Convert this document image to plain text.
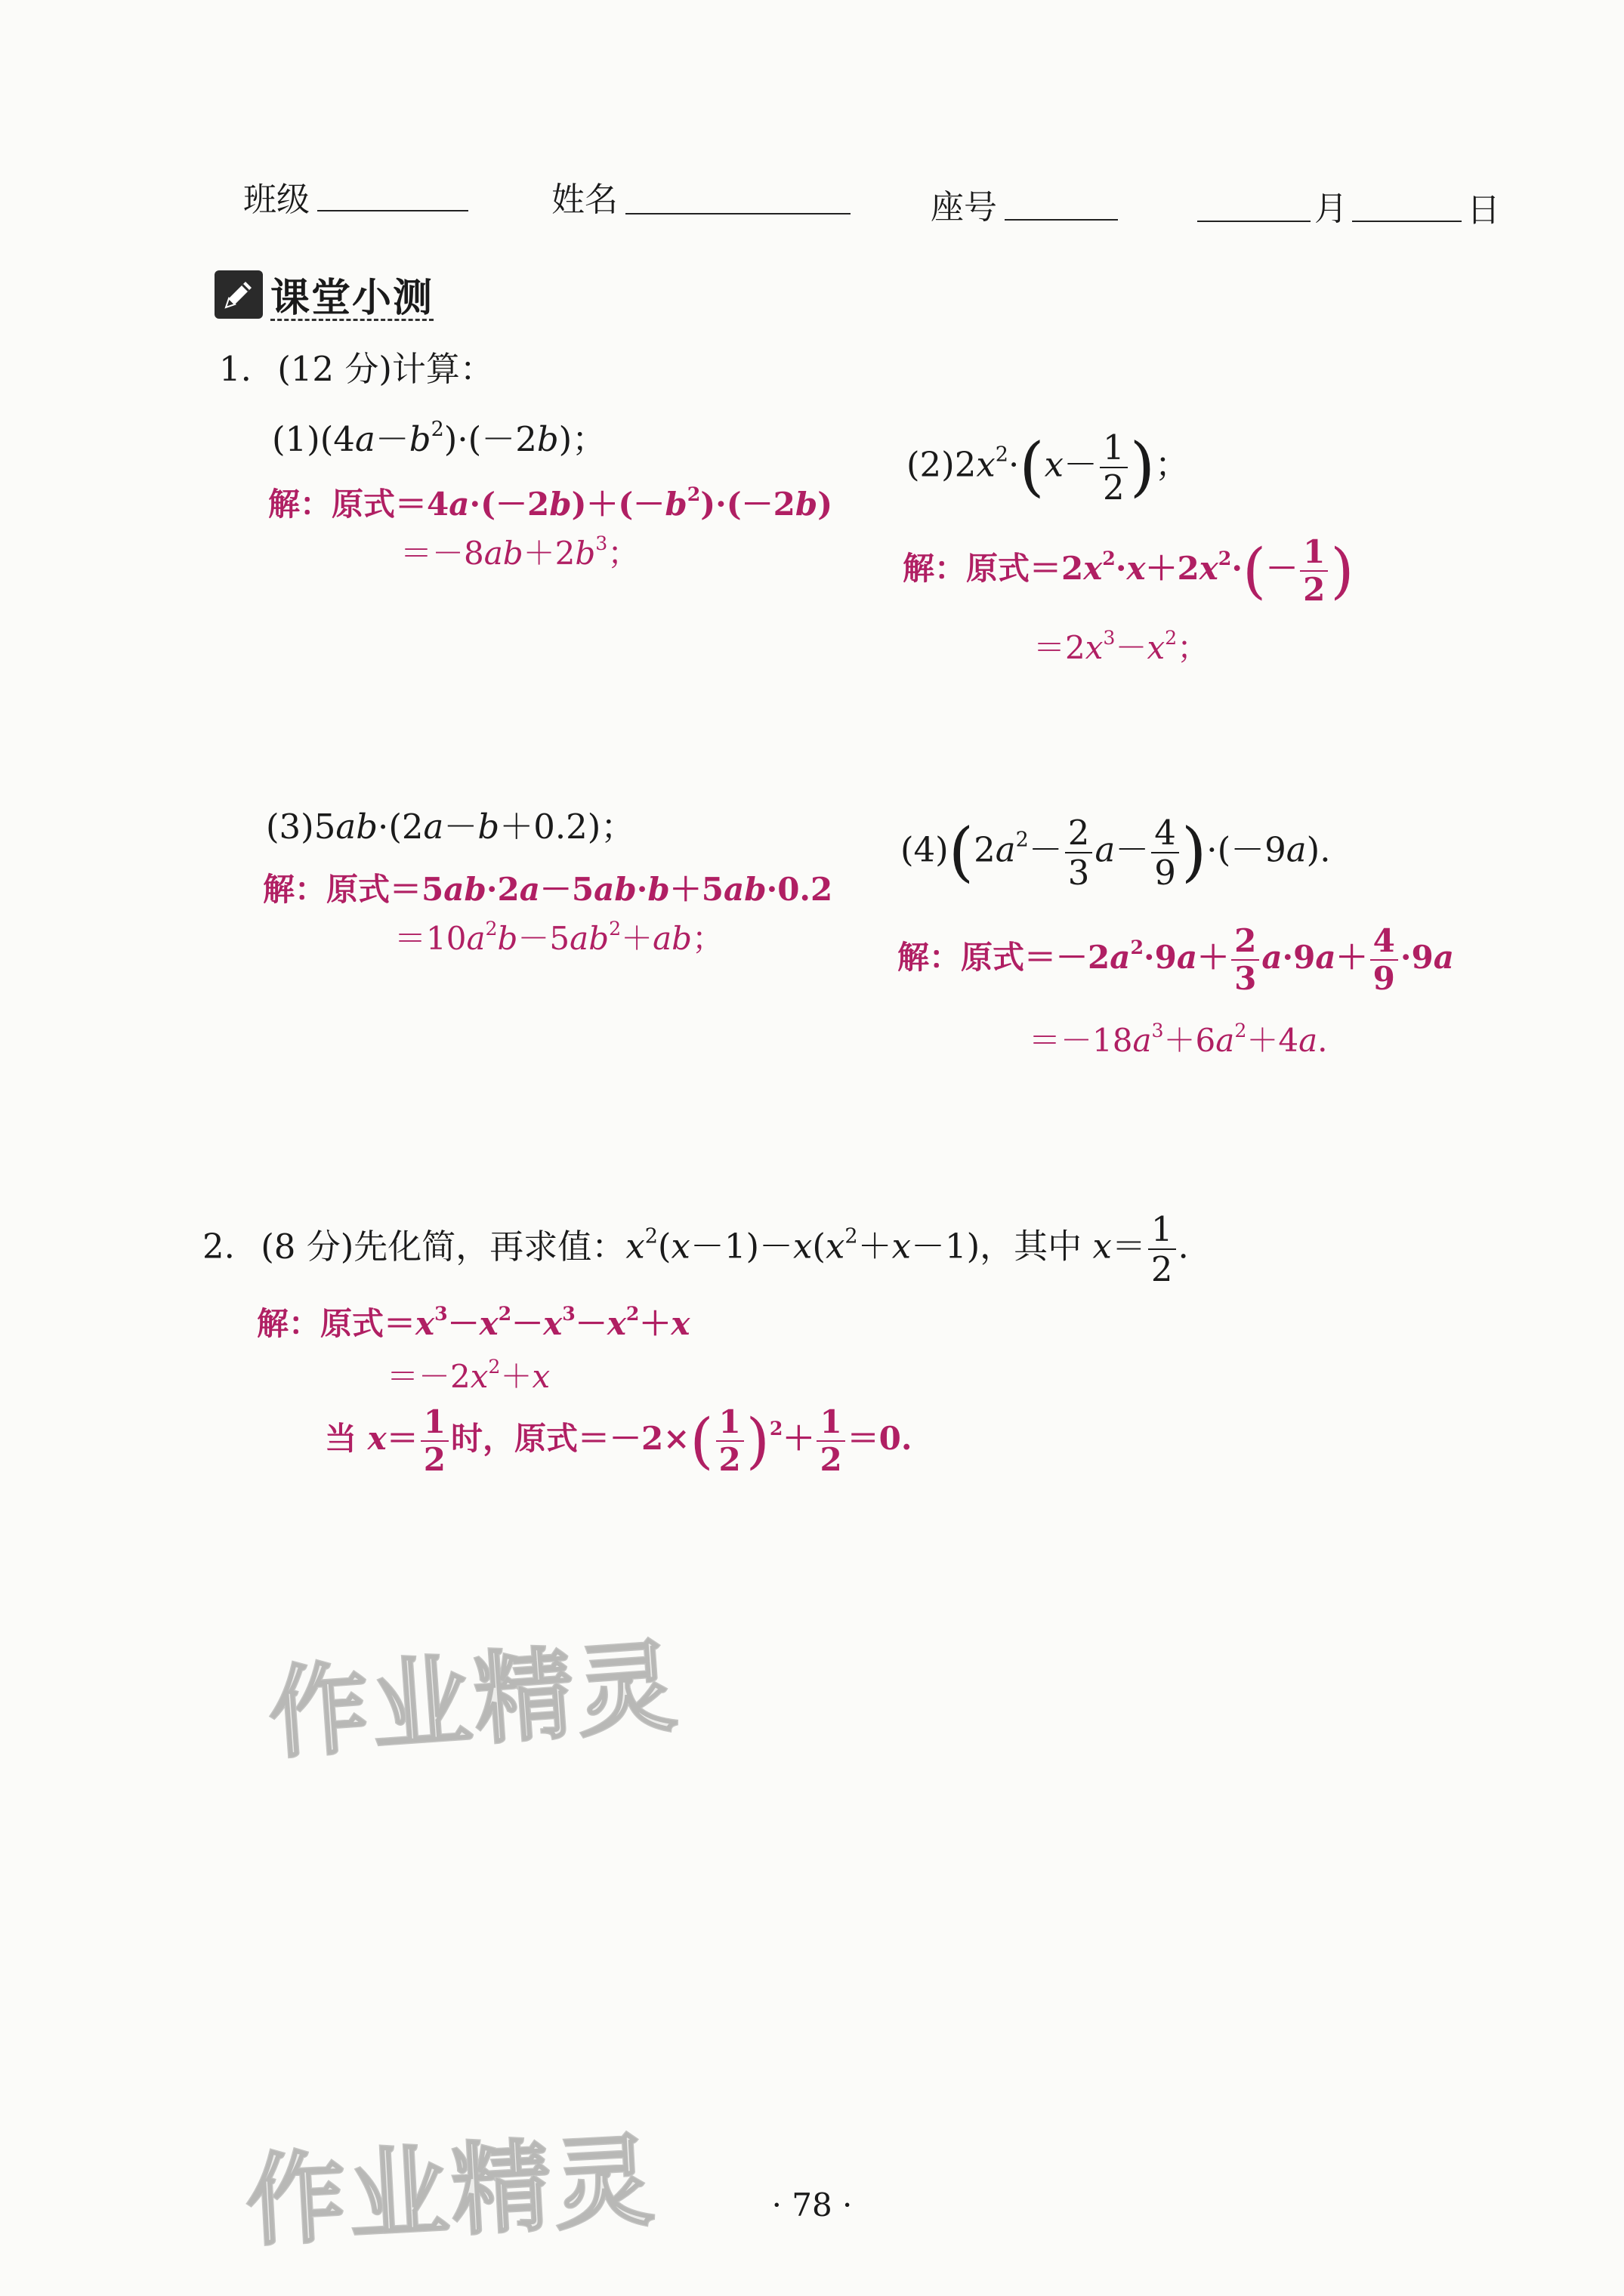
班级	姓名	座号	月	日
课堂小测
1. (12 分)计算：
$(1)(4a-b^2)\cdot(-2b)$；
解：原式$=4a\cdot(-2b)+(-b^2)\cdot(-2b)$
$=-8ab+2b^3$；
$(2)2x^2\cdot(x- \frac{1}{2}$ )；
解：原式$=2x^2\cdot x+2x^2\cdot(- \frac{1}{2}$ )
$=2x^3-x^2$；
(3)5ab·(2a－b＋0.2)；
解：原式＝5ab·2a－5ab·b＋5ab·0.2
$=10a^2b-5ab^2+ab$；
$(4)(2a^2- \frac{2}{3} a- \frac{4}{9} )\cdot(-9a)$.
解：原式$=-2a^2\cdot 9a+ \frac{2}{3} a\cdot 9a+ \frac{4}{9} \cdot 9a$
$=-18a^3+6a^2+4a$.
2. (8 分)先化简，再求值：$x^2(x-1)-x(x^2+x-1)$，其中 $x= \frac{1}{2}$ .
解：原式$=x^3-x^2-x^3-x^2+x$
$=-2x^2+x$
当 $x= \frac{1}{2}$ 时，原式$=-2\times( \frac{1}{2} )^2+ \frac{1}{2} =0$.
作业精灵
作业精灵	· 78 ·
